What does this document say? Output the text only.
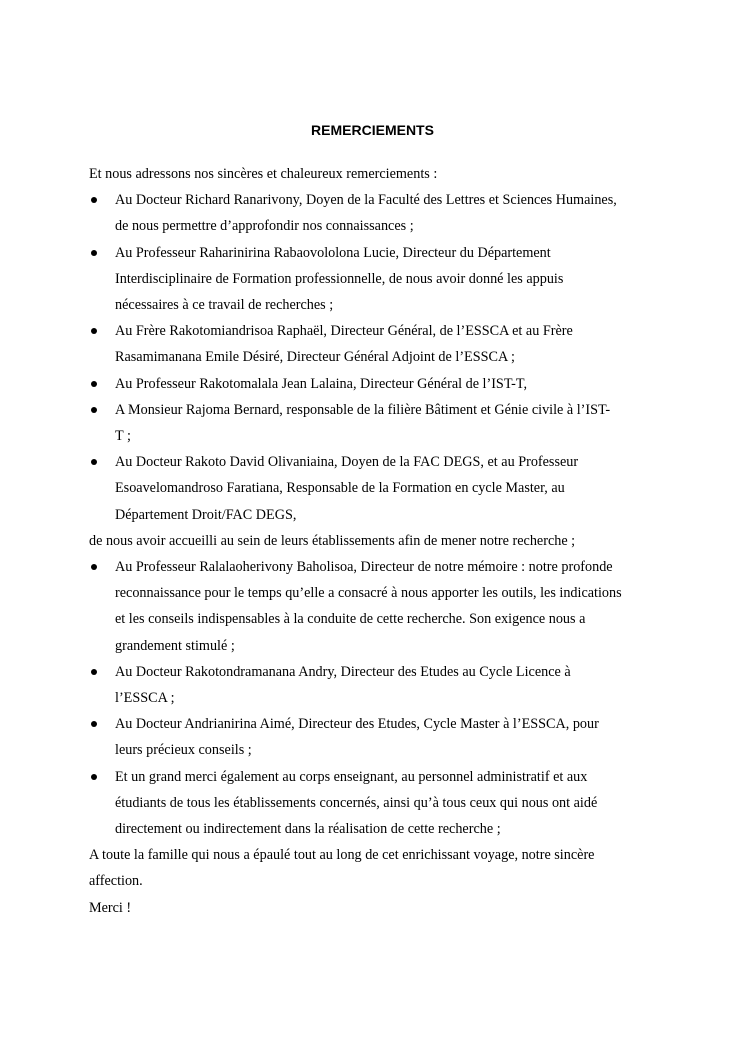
REMERCIEMENTS

Et nous adressons nos sincères et chaleureux remerciements :

Au Docteur Richard Ranarivony, Doyen de la Faculté des Lettres et Sciences Humaines,
de nous permettre d’approfondir nos connaissances ;
Au Professeur Raharinirina Rabaovololona Lucie, Directeur du Département
Interdisciplinaire de Formation professionnelle, de nous avoir donné les appuis
nécessaires à ce travail de recherches ;
Au Frère Rakotomiandrisoa Raphaël, Directeur Général, de l’ESSCA et au Frère
Rasamimanana Emile Désiré, Directeur Général Adjoint de l’ESSCA ;
Au Professeur Rakotomalala Jean Lalaina, Directeur Général de l’IST-T,
A Monsieur Rajoma Bernard, responsable de la filière Bâtiment et Génie civile à l’IST-
T ;
Au Docteur Rakoto David Olivaniaina, Doyen de la FAC DEGS, et au Professeur
Esoavelomandroso Faratiana, Responsable de la Formation en cycle Master, au
Département Droit/FAC DEGS,

de nous avoir accueilli au sein de leurs établissements afin de mener notre recherche ;

Au Professeur Ralalaoherivony Baholisoa, Directeur de notre mémoire : notre profonde
reconnaissance pour le temps qu’elle a consacré à nous apporter les outils, les indications
et les conseils indispensables à la conduite de cette recherche. Son exigence nous a
grandement stimulé ;
Au Docteur Rakotondramanana Andry, Directeur des Etudes au Cycle Licence à
l’ESSCA ;
Au Docteur Andrianirina Aimé, Directeur des Etudes, Cycle Master à l’ESSCA, pour
leurs précieux conseils ;
Et un grand merci également au corps enseignant, au personnel administratif et aux
étudiants de tous les établissements concernés, ainsi qu’à tous ceux qui nous ont aidé
directement ou indirectement dans la réalisation de cette recherche ;

A toute la famille qui nous a épaulé tout au long de cet enrichissant voyage, notre sincère
affection.

Merci !
